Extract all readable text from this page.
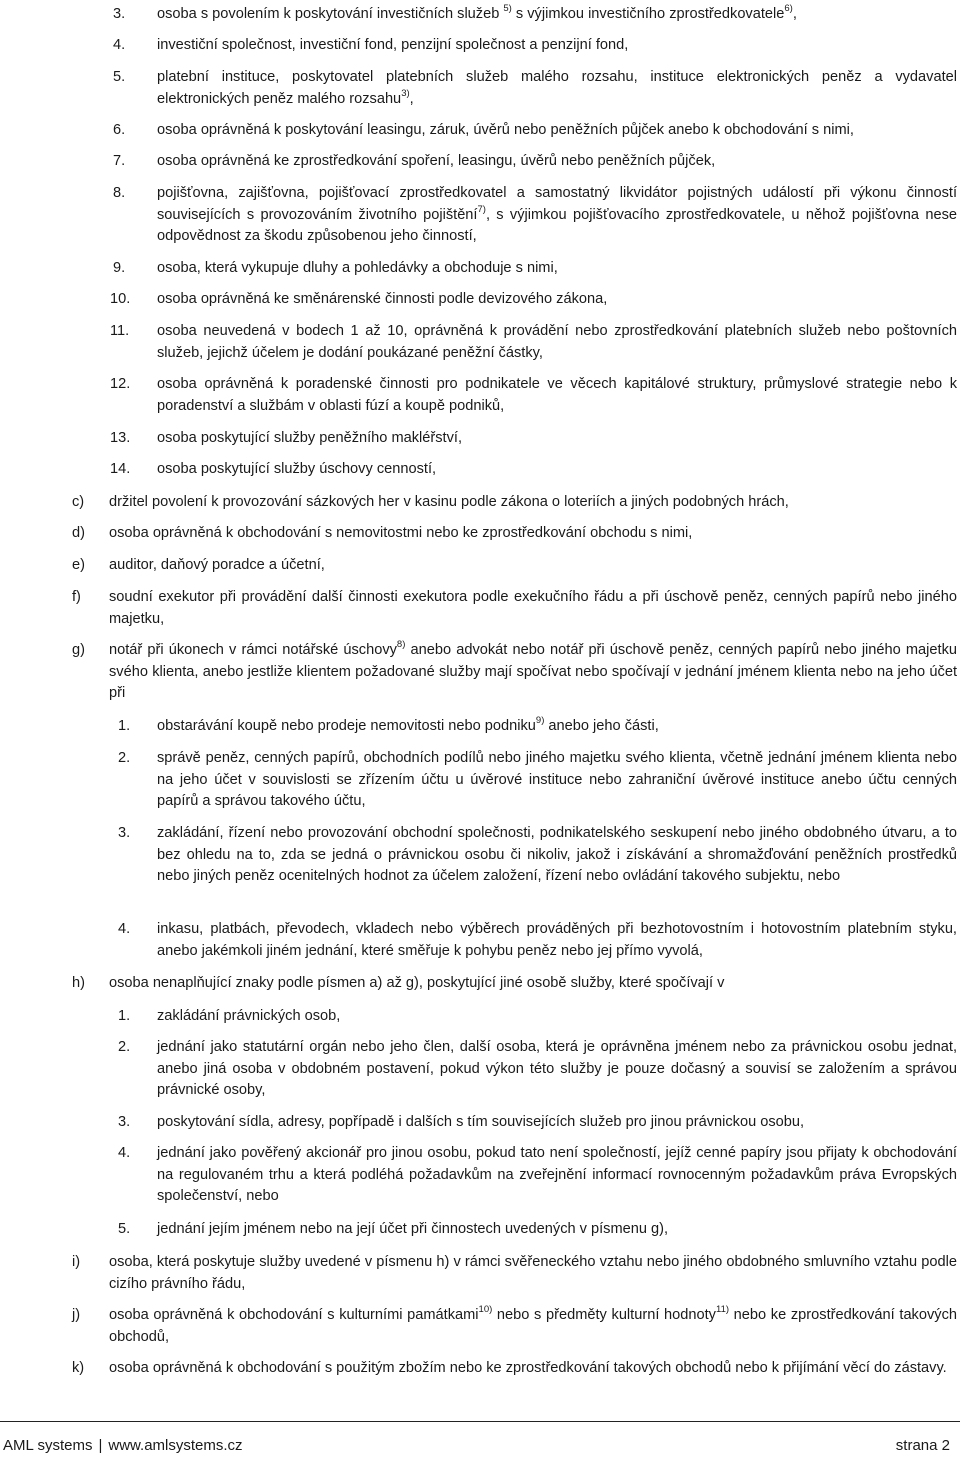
3. osoba s povolením k poskytování investičních služeb $^{5)}$ s výjimkou investičního zprostředkovatele$^{6)}$,
4. investiční společnost, investiční fond, penzijní společnost a penzijní fond,
5. platební instituce, poskytovatel platebních služeb malého rozsahu, instituce elektronických peněz a vydavatel elektronických peněz malého rozsahu$^{3)}$,
6. osoba oprávněná k poskytování leasingu, záruk, úvěrů nebo peněžních půjček anebo k obchodování s nimi,
7. osoba oprávněná ke zprostředkování spoření, leasingu, úvěrů nebo peněžních půjček,
8. pojišťovna, zajišťovna, pojišťovací zprostředkovatel a samostatný likvidátor pojistných událostí při výkonu činností souvisejících s provozováním životního pojištění$^{7)}$, s výjimkou pojišťovacího zprostředkovatele, u něhož pojišťovna nese odpovědnost za škodu způsobenou jeho činností,
9. osoba, která vykupuje dluhy a pohledávky a obchoduje s nimi,
10. osoba oprávněná ke směnárenské činnosti podle devizového zákona,
11. osoba neuvedená v bodech 1 až 10, oprávněná k provádění nebo zprostředkování platebních služeb nebo poštovních služeb, jejichž účelem je dodání poukázané peněžní částky,
12. osoba oprávněná k poradenské činnosti pro podnikatele ve věcech kapitálové struktury, průmyslové strategie nebo k poradenství a službám v oblasti fúzí a koupě podniků,
13. osoba poskytující služby peněžního makléřství,
14. osoba poskytující služby úschovy cenností,
c) držitel povolení k provozování sázkových her v kasinu podle zákona o loteriích a jiných podobných hrách,
d) osoba oprávněná k obchodování s nemovitostmi nebo ke zprostředkování obchodu s nimi,
e) auditor, daňový poradce a účetní,
f) soudní exekutor při provádění další činnosti exekutora podle exekučního řádu a při úschově peněz, cenných papírů nebo jiného majetku,
g) notář při úkonech v rámci notářské úschovy$^{8)}$ anebo advokát nebo notář při úschově peněz, cenných papírů nebo jiného majetku svého klienta, anebo jestliže klientem požadované služby mají spočívat nebo spočívají v jednání jménem klienta nebo na jeho účet při
1. obstarávání koupě nebo prodeje nemovitosti nebo podniku$^{9)}$ anebo jeho části,
2. správě peněz, cenných papírů, obchodních podílů nebo jiného majetku svého klienta, včetně jednání jménem klienta nebo na jeho účet v souvislosti se zřízením účtu u úvěrové instituce nebo zahraniční úvěrové instituce anebo účtu cenných papírů a správou takového účtu,
3. zakládání, řízení nebo provozování obchodní společnosti, podnikatelského seskupení nebo jiného obdobného útvaru, a to bez ohledu na to, zda se jedná o právnickou osobu či nikoliv, jakož i získávání a shromažďování peněžních prostředků nebo jiných peněz ocenitelných hodnot za účelem založení, řízení nebo ovládání takového subjektu, nebo
4. inkasu, platbách, převodech, vkladech nebo výběrech prováděných při bezhotovostním i hotovostním platebním styku, anebo jakémkoli jiném jednání, které směřuje k pohybu peněz nebo jej přímo vyvolá,
h) osoba nenaplňující znaky podle písmen a) až g), poskytující jiné osobě služby, které spočívají v
1. zakládání právnických osob,
2. jednání jako statutární orgán nebo jeho člen, další osoba, která je oprávněna jménem nebo za právnickou osobu jednat, anebo jiná osoba v obdobném postavení, pokud výkon této služby je pouze dočasný a souvisí se založením a správou právnické osoby,
3. poskytování sídla, adresy, popřípadě i dalších s tím souvisejících služeb pro jinou právnickou osobu,
4. jednání jako pověřený akcionář pro jinou osobu, pokud tato není společností, jejíž cenné papíry jsou přijaty k obchodování na regulovaném trhu a která podléhá požadavkům na zveřejnění informací rovnocenným požadavkům práva Evropských společenství, nebo
5. jednání jejím jménem nebo na její účet při činnostech uvedených v písmenu g),
i) osoba, která poskytuje služby uvedené v písmenu h) v rámci svěřeneckého vztahu nebo jiného obdobného smluvního vztahu podle cizího právního řádu,
j) osoba oprávněná k obchodování s kulturními památkami$^{10)}$ nebo s předměty kulturní hodnoty$^{11)}$ nebo ke zprostředkování takových obchodů,
k) osoba oprávněná k obchodování s použitým zbožím nebo ke zprostředkování takových obchodů nebo k přijímání věcí do zástavy.
AML systems | www.amlsystems.cz	strana 2
